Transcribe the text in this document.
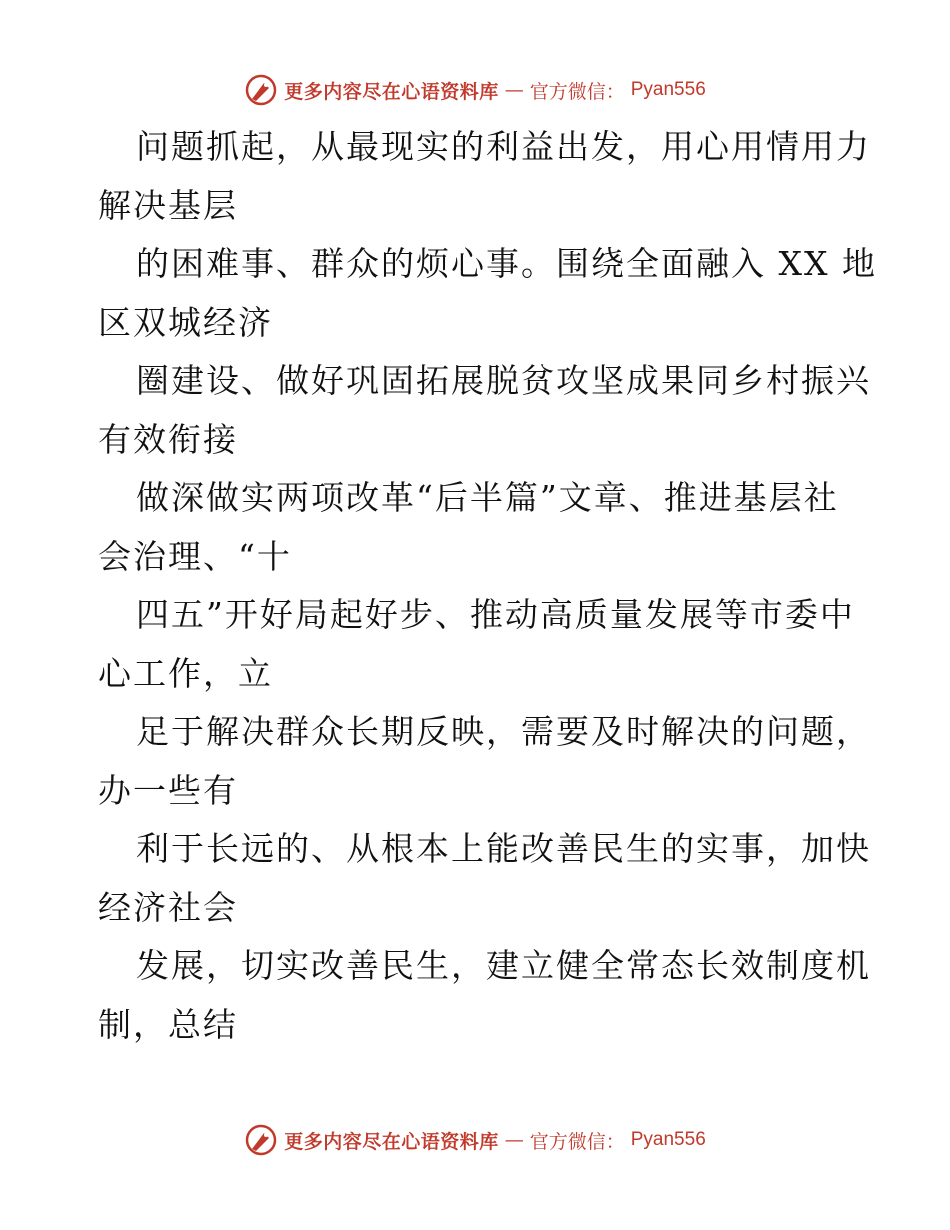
更多内容尽在心语资料库 — 官方微信： Pyan556
问题抓起，从最现实的利益出发，用心用情用力
解决基层
的困难事、群众的烦心事。围绕全面融入 XX 地
区双城经济
圈建设、做好巩固拓展脱贫攻坚成果同乡村振兴
有效衔接
做深做实两项改革“后半篇”文章、推进基层社
会治理、“十
四五”开好局起好步、推动高质量发展等市委中
心工作，立
足于解决群众长期反映，需要及时解决的问题，
办一些有
利于长远的、从根本上能改善民生的实事，加快
经济社会
发展，切实改善民生，建立健全常态长效制度机
制，总结
更多内容尽在心语资料库 — 官方微信： Pyan556
